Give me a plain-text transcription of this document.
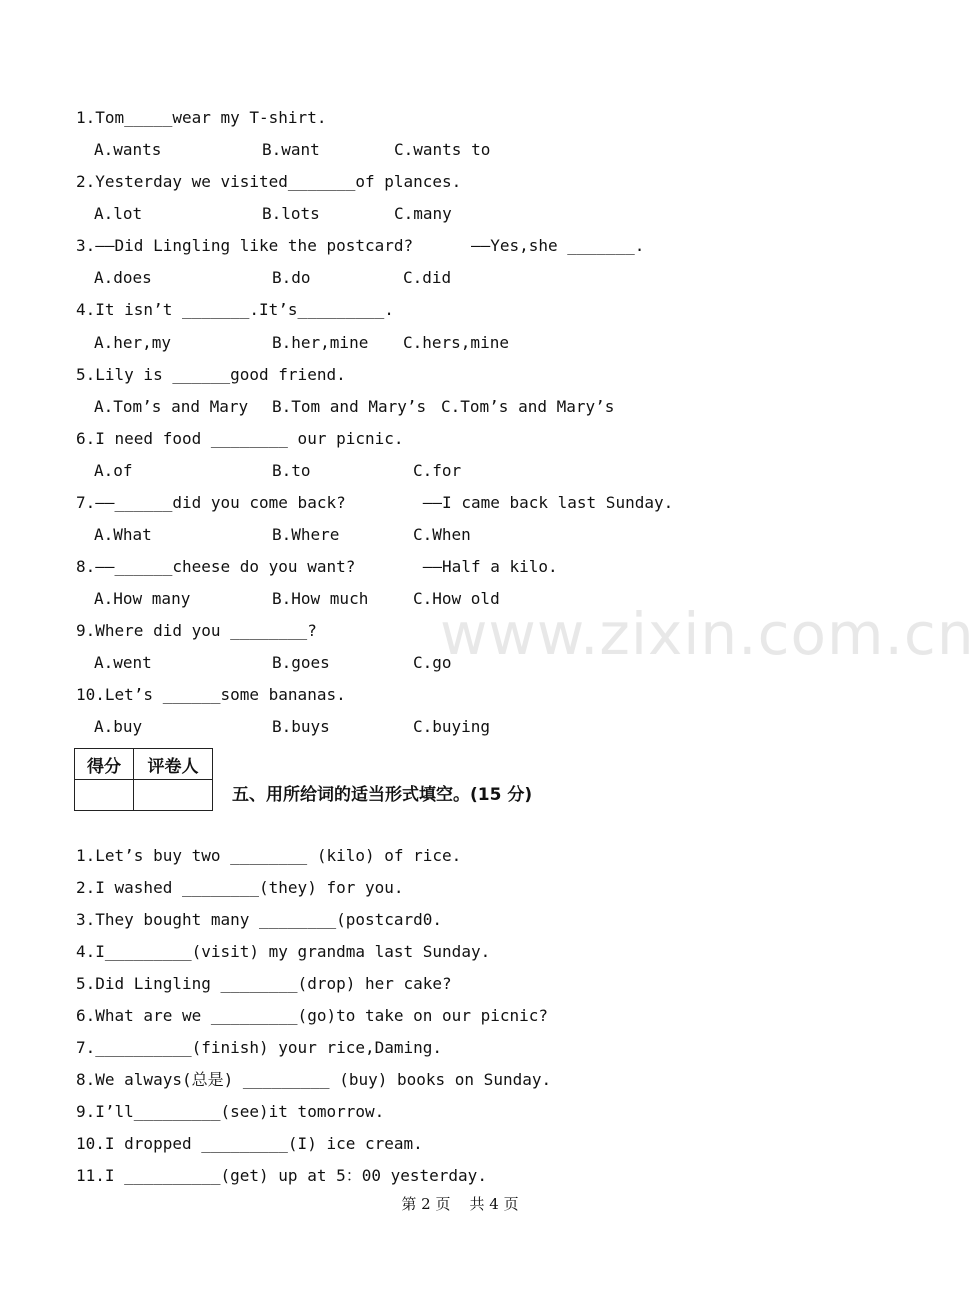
www.zixin.com.cn
1.Tom_____wear my T-shirt.
A.wants	B.want	C.wants to
2.Yesterday we visited_______of plances.
A.lot	B.lots	C.many
3.——Did Lingling like the postcard?      ——Yes,she _______.
A.does	B.do	C.did
4.It isn’t _______.It’s_________.
A.her,my	B.her,mine C.hers,mine
5.Lily is ______good friend.
A.Tom’s and Mary B.Tom and Mary’s C.Tom’s and Mary’s
6.I need food ________ our picnic.
A.of	B.to	C.for
7.——______did you come back?        ——I came back last Sunday.
A.What	B.Where	C.When
8.——______cheese do you want?       ——Half a kilo.
A.How many	B.How much	C.How old
9.Where did you ________?
A.went	B.goes	C.go
10.Let’s ______some bananas.
A.buy	B.buys	C.buying
得分	评卷人

五、用所给词的适当形式填空。(15 分)
1.Let’s buy two ________ (kilo) of rice.
2.I washed ________(they) for you.
3.They bought many ________(postcard0.
4.I_________(visit) my grandma last Sunday.
5.Did Lingling ________(drop) her cake?
6.What are we _________(go)to take on our picnic?
7.__________(finish) your rice,Daming.
8.We always(总是) _________ (buy) books on Sunday.
9.I’ll_________(see)it tomorrow.
10.I dropped _________(I) ice cream.
11.I __________(get) up at 5：00 yesterday.
第 2 页    共 4 页
